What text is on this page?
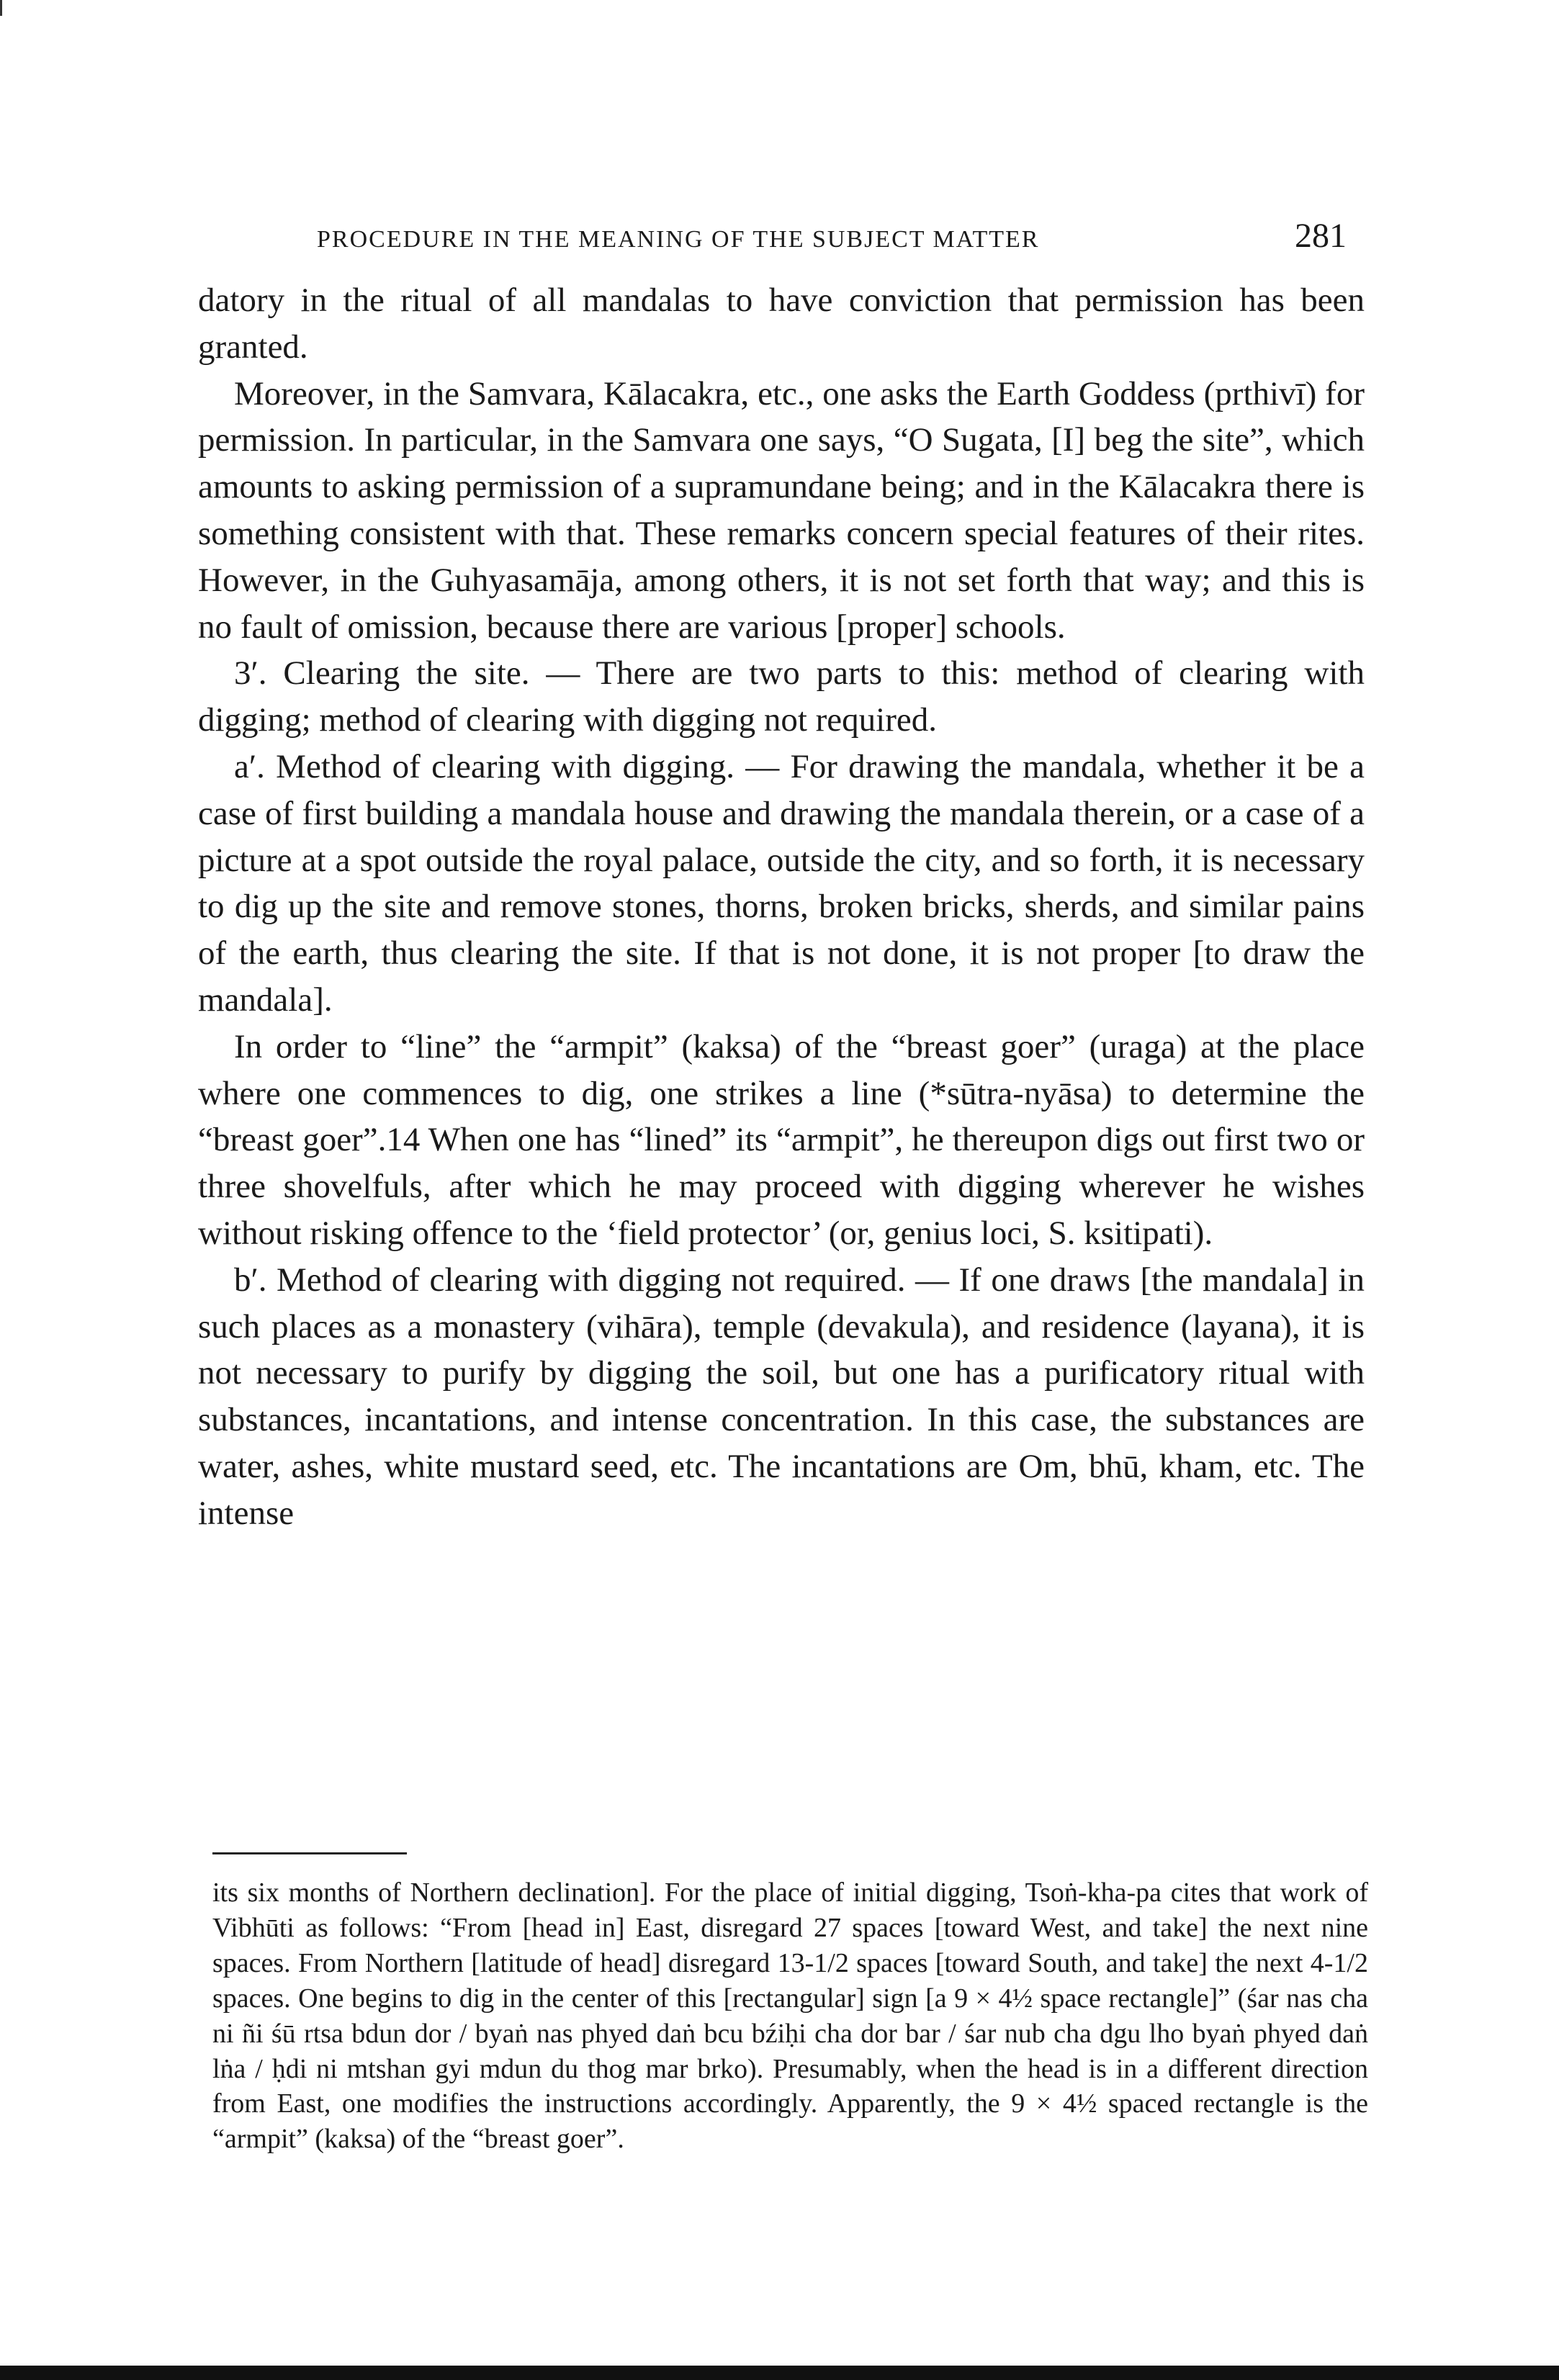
PROCEDURE IN THE MEANING OF THE SUBJECT MATTER	281

datory in the ritual of all mandalas to have conviction that permission has been granted.

Moreover, in the Samvara, Kālacakra, etc., one asks the Earth Goddess (prthivī) for permission. In particular, in the Samvara one says, “O Sugata, [I] beg the site”, which amounts to asking permission of a supramundane being; and in the Kālacakra there is something consistent with that. These remarks concern special features of their rites. However, in the Guhyasamāja, among others, it is not set forth that way; and this is no fault of omission, because there are various [proper] schools.

3′. Clearing the site. — There are two parts to this: method of clearing with digging; method of clearing with digging not required.

a′. Method of clearing with digging. — For drawing the mandala, whether it be a case of first building a mandala house and drawing the mandala therein, or a case of a picture at a spot outside the royal palace, outside the city, and so forth, it is necessary to dig up the site and remove stones, thorns, broken bricks, sherds, and similar pains of the earth, thus clearing the site. If that is not done, it is not proper [to draw the mandala].

In order to “line” the “armpit” (kaksa) of the “breast goer” (uraga) at the place where one commences to dig, one strikes a line (*sūtra-nyāsa) to determine the “breast goer”.14 When one has “lined” its “armpit”, he thereupon digs out first two or three shovelfuls, after which he may proceed with digging wherever he wishes without risking offence to the ‘field protector’ (or, genius loci, S. ksitipati).

b′. Method of clearing with digging not required. — If one draws [the mandala] in such places as a monastery (vihāra), temple (devakula), and residence (layana), it is not necessary to purify by digging the soil, but one has a purificatory ritual with substances, incantations, and intense concentration. In this case, the substances are water, ashes, white mustard seed, etc. The incantations are Om, bhū, kham, etc. The intense

its six months of Northern declination]. For the place of initial digging, Tsoṅ-kha-pa cites that work of Vibhūti as follows: “From [head in] East, disregard 27 spaces [toward West, and take] the next nine spaces. From Northern [latitude of head] disregard 13-1/2 spaces [toward South, and take] the next 4-1/2 spaces. One begins to dig in the center of this [rectangular] sign [a 9 × 4½ space rectangle]” (śar nas cha ni ñi śū rtsa bdun dor / byaṅ nas phyed daṅ bcu bźiḥi cha dor bar / śar nub cha dgu lho byaṅ phyed daṅ lṅa / ḥdi ni mtshan gyi mdun du thog mar brko). Presumably, when the head is in a different direction from East, one modifies the instructions accordingly. Apparently, the 9 × 4½ spaced rectangle is the “armpit” (kaksa) of the “breast goer”.
